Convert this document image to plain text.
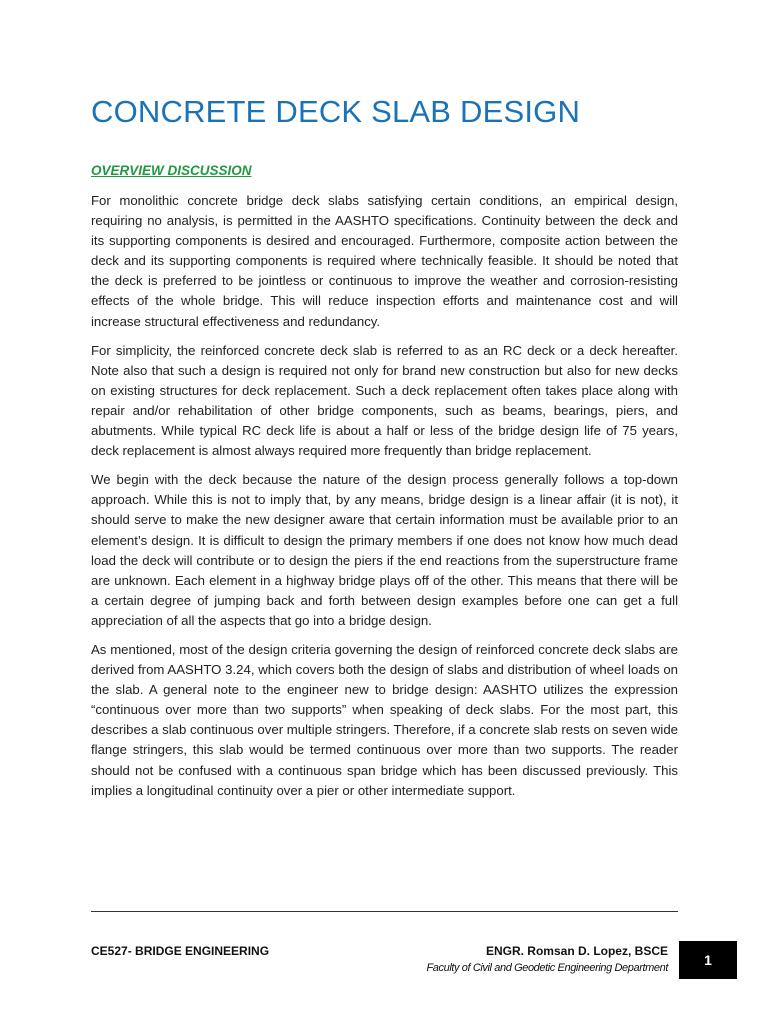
CONCRETE DECK SLAB DESIGN
OVERVIEW DISCUSSION

For monolithic concrete bridge deck slabs satisfying certain conditions, an empirical design, requiring no analysis, is permitted in the AASHTO specifications. Continuity between the deck and its supporting components is desired and encouraged. Furthermore, composite action between the deck and its supporting components is required where technically feasible. It should be noted that the deck is preferred to be jointless or continuous to improve the weather and corrosion-resisting effects of the whole bridge. This will reduce inspection efforts and maintenance cost and will increase structural effectiveness and redundancy.

For simplicity, the reinforced concrete deck slab is referred to as an RC deck or a deck hereafter. Note also that such a design is required not only for brand new construction but also for new decks on existing structures for deck replacement. Such a deck replacement often takes place along with repair and/or rehabilitation of other bridge components, such as beams, bearings, piers, and abutments. While typical RC deck life is about a half or less of the bridge design life of 75 years, deck replacement is almost always required more frequently than bridge replacement.

We begin with the deck because the nature of the design process generally follows a top-down approach. While this is not to imply that, by any means, bridge design is a linear affair (it is not), it should serve to make the new designer aware that certain information must be available prior to an element’s design. It is difficult to design the primary members if one does not know how much dead load the deck will contribute or to design the piers if the end reactions from the superstructure frame are unknown. Each element in a highway bridge plays off of the other. This means that there will be a certain degree of jumping back and forth between design examples before one can get a full appreciation of all the aspects that go into a bridge design.

As mentioned, most of the design criteria governing the design of reinforced concrete deck slabs are derived from AASHTO 3.24, which covers both the design of slabs and distribution of wheel loads on the slab. A general note to the engineer new to bridge design: AASHTO utilizes the expression “continuous over more than two supports” when speaking of deck slabs. For the most part, this describes a slab continuous over multiple stringers. Therefore, if a concrete slab rests on seven wide flange stringers, this slab would be termed continuous over more than two supports. The reader should not be confused with a continuous span bridge which has been discussed previously. This implies a longitudinal continuity over a pier or other intermediate support.

CE527- BRIDGE ENGINEERING	ENGR. Romsan D. Lopez, BSCE
Faculty of Civil and Geodetic Engineering Department	1
